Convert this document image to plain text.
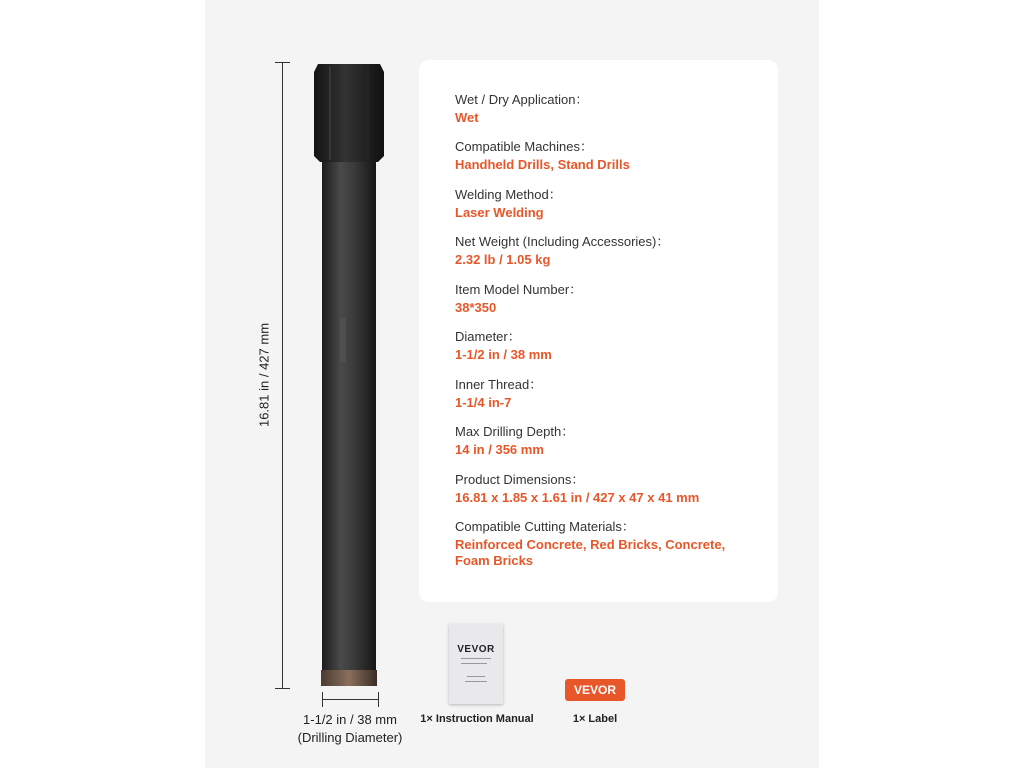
16.81 in / 427 mm
1-1/2 in / 38 mm
(Drilling Diameter)
Wet / Dry Application：
Wet
Compatible Machines：
Handheld Drills, Stand Drills
Welding Method：
Laser Welding
Net Weight (Including Accessories)：
2.32 lb / 1.05 kg
Item Model Number：
38*350
Diameter：
1-1/2 in / 38 mm
Inner Thread：
1-1/4 in-7
Max Drilling Depth：
14 in / 356 mm
Product Dimensions：
16.81 x 1.85 x 1.61 in / 427 x 47 x 41 mm
Compatible Cutting Materials：
Reinforced Concrete, Red Bricks, Concrete, Foam Bricks
VEVOR
1× Instruction Manual
VEVOR
1× Label
